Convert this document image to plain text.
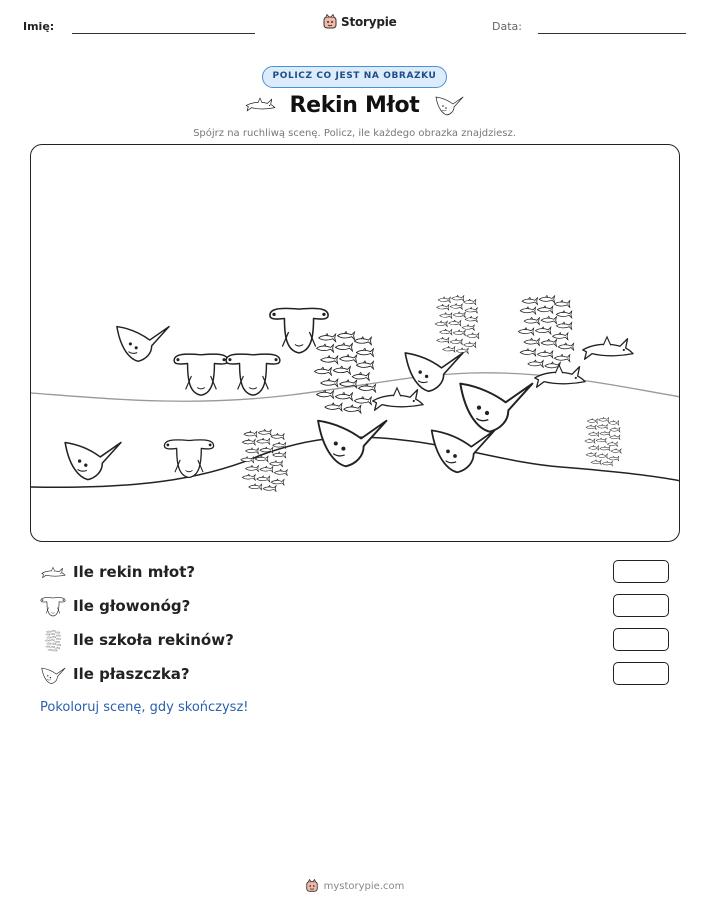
Imię:	Storypie	Data:
POLICZ CO JEST NA OBRAZKU
Rekin Młot
Spójrz na ruchliwą scenę. Policz, ile każdego obrazka znajdziesz.
Ile rekin młot?
Ile głowonóg?
Ile szkoła rekinów?
Ile płaszczka?
Pokoloruj scenę, gdy skończysz!
mystorypie.com
